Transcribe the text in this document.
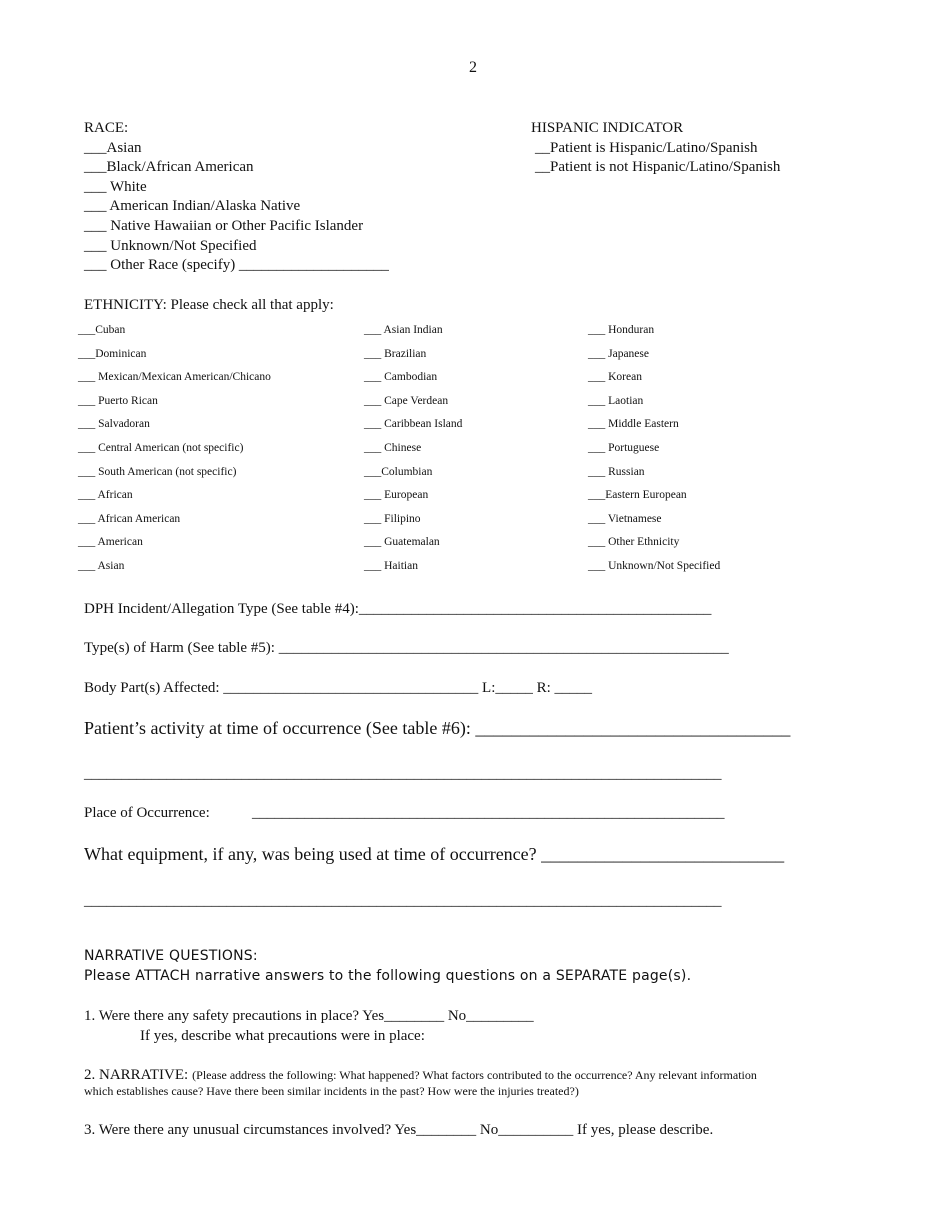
2
RACE:
___Asian
___Black/African American
___ White
___ American Indian/Alaska Native
___ Native Hawaiian or Other Pacific Islander
___ Unknown/Not Specified
___ Other Race (specify) ____________________
HISPANIC INDICATOR
__Patient is Hispanic/Latino/Spanish
__Patient is not Hispanic/Latino/Spanish
ETHNICITY: Please check all that apply:
___Cuban
___Dominican
___ Mexican/Mexican American/Chicano
___ Puerto Rican
___ Salvadoran
___ Central American (not specific)
___ South American (not specific)
___ African
___ African American
___ American
___ Asian
___ Asian Indian
___ Brazilian
___ Cambodian
___ Cape Verdean
___ Caribbean Island
___ Chinese
___Columbian
___ European
___ Filipino
___ Guatemalan
___ Haitian
___ Honduran
___ Japanese
___ Korean
___ Laotian
___ Middle Eastern
___ Portuguese
___ Russian
___Eastern European
___ Vietnamese
___ Other Ethnicity
___ Unknown/Not Specified
DPH Incident/Allegation Type (See table #4):_______________________________________________
Type(s) of Harm (See table #5): ____________________________________________________________
Body Part(s) Affected: __________________________________ L:_____ R: _____
Patient’s activity at time of occurrence (See table #6): ___________________________________
_____________________________________________________________________________________
Place of Occurrence:	_______________________________________________________________
What equipment, if any, was being used at time of occurrence? ___________________________
_____________________________________________________________________________________
NARRATIVE QUESTIONS:
Please ATTACH narrative answers to the following questions on a SEPARATE page(s).
1. Were there any safety precautions in place? Yes________ No_________
If yes, describe what precautions were in place:
2. NARRATIVE: (Please address the following: What happened? What factors contributed to the occurrence? Any relevant information
which establishes cause? Have there been similar incidents in the past? How were the injuries treated?)
3. Were there any unusual circumstances involved? Yes________ No__________ If yes, please describe.
